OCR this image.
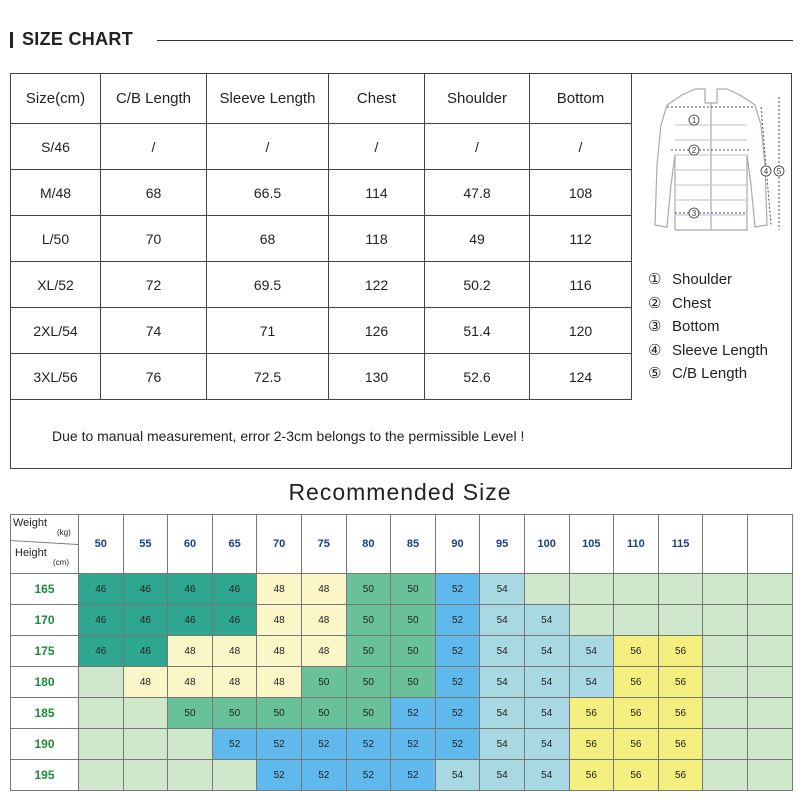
SIZE CHART
Size(cm)	C/B Length	Sleeve Length	Chest	Shoulder	Bottom
S/46	/	/	/	/	/
M/48	68	66.5	114	47.8	108
L/50	70	68	118	49	112
XL/52	72	69.5	122	50.2	116
2XL/54	74	71	126	51.4	120
3XL/56	76	72.5	130	52.6	124
1
2
3
4 5
① Shoulder
② Chest
③ Bottom
④ Sleeve Length
⑤ C/B Length
Due to manual measurement, error 2-3cm belongs to the permissible Level !
Recommended Size
Weight
(kg)
Height
(cm)	50	55	60	65	70	75	80	85	90	95	100	105	110	115		
165	46	46	46	46	48	48	50	50	52	54						
170	46	46	46	46	48	48	50	50	52	54	54					
175	46	46	48	48	48	48	50	50	52	54	54	54	56	56		
180		48	48	48	48	50	50	50	52	54	54	54	56	56		
185			50	50	50	50	50	52	52	54	54	56	56	56		
190				52	52	52	52	52	52	54	54	56	56	56		
195					52	52	52	52	54	54	54	56	56	56		
